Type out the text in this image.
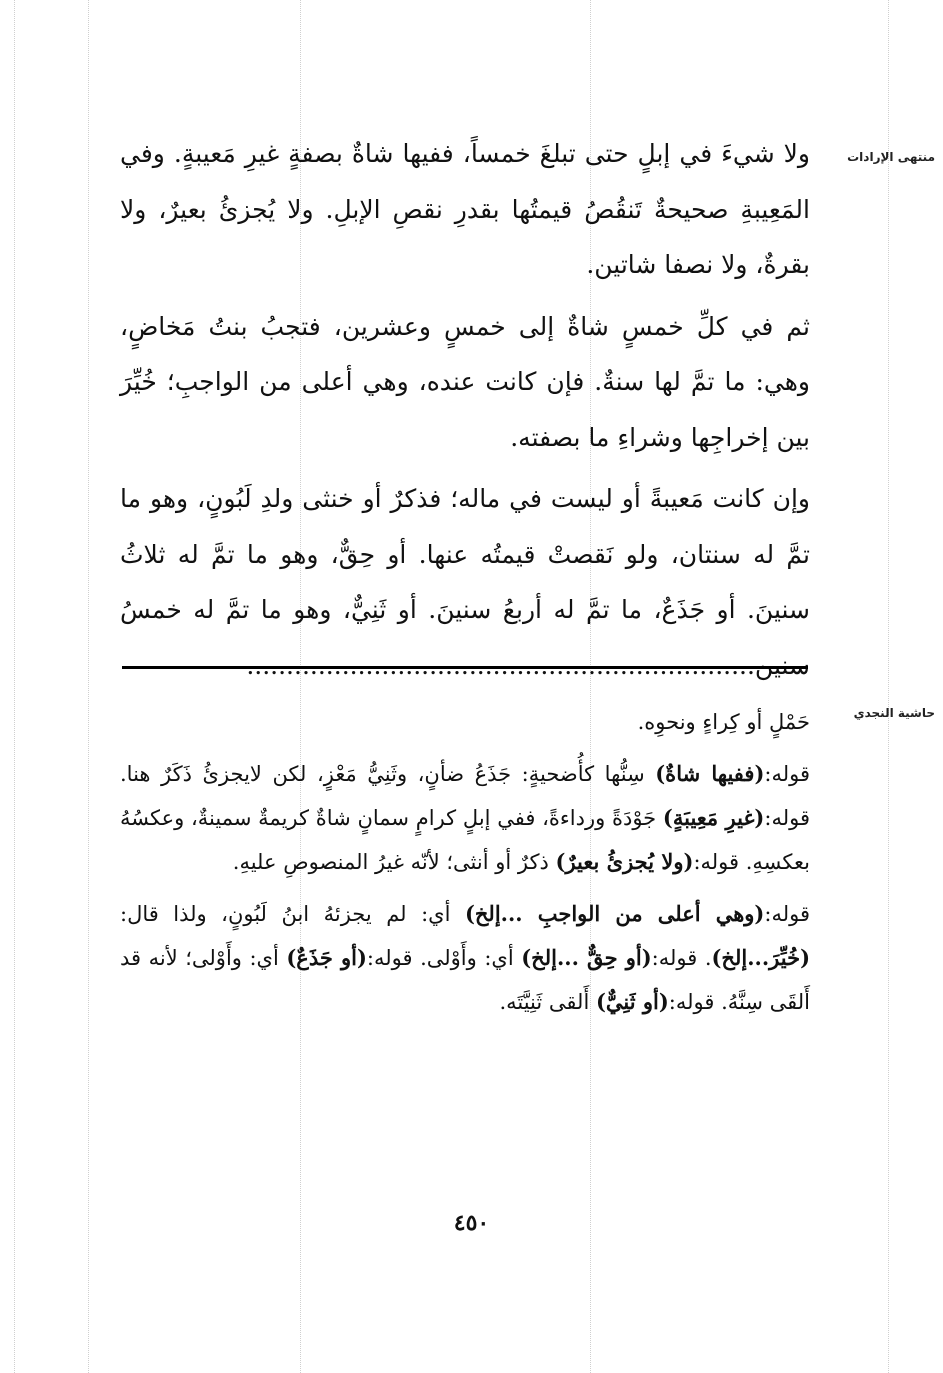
منتهى الإرادات
حاشية النجدي

ولا شيءَ في إبلٍ حتى تبلغَ خمساً، ففيها شاةٌ بصفةٍ غيرِ مَعيبةٍ. وفي المَعِيبةِ صحيحةٌ تَنقُصُ قيمتُها بقدرِ نقصِ الإبلِ. ولا يُجزئُ بعيرٌ، ولا بقرةٌ، ولا نصفا شاتين.

ثم في كلِّ خمسٍ شاةٌ إلى خمسٍ وعشرين، فتجبُ بنتُ مَخاضٍ، وهي: ما تمَّ لها سنةٌ. فإن كانت عنده، وهي أعلى من الواجبِ؛ خُيِّرَ بين إخراجِها وشراءِ ما بصفته.

وإن كانت مَعيبةً أو ليست في ماله؛ فذكرٌ أو خنثى ولدِ لَبُونٍ، وهو ما تمَّ له سنتان، ولو نَقصتْ قيمتُه عنها. أو حِقٌّ، وهو ما تمَّ له ثلاثُ سنينَ. أو جَذَعٌ، ما تمَّ له أربعُ سنينَ. أو ثَنِيٌّ، وهو ما تمَّ له خمسُ سنين................................................................

حَمْلٍ أو كِراءٍ ونحوِه.

قوله:(ففيها شاةٌ) سِنُّها كأُضحيةٍ: جَذَعُ ضأنٍ، وثَنِيُّ مَعْزٍ، لكن لايجزئُ ذَكَرٌ هنا. قوله:(غيرِ مَعِيبَةٍ) جَوْدَةً ورداءةً، ففي إبلٍ كرامٍ سمانٍ شاةٌ كريمةٌ سمينةٌ، وعكسُهُ بعكسِهِ. قوله:(ولا يُجزئُ بعيرٌ) ذكرٌ أو أنثى؛ لأنّه غيرُ المنصوصِ عليهِ.

قوله:(وهي أعلى من الواجبِ ...إلخ) أي: لم يجزئهُ ابنُ لَبُونٍ، ولذا قال: (خُيِّرَ...إلخ). قوله:(أو حِقٌّ ...إلخ) أي: وأَوْلى. قوله:(أو جَذَعٌ) أي: وأَوْلى؛ لأنه قد أَلقَى سِنَّهُ. قوله:(أو ثَنِيٌّ) أَلقى ثَنِيَّتَه.

٤٥٠
